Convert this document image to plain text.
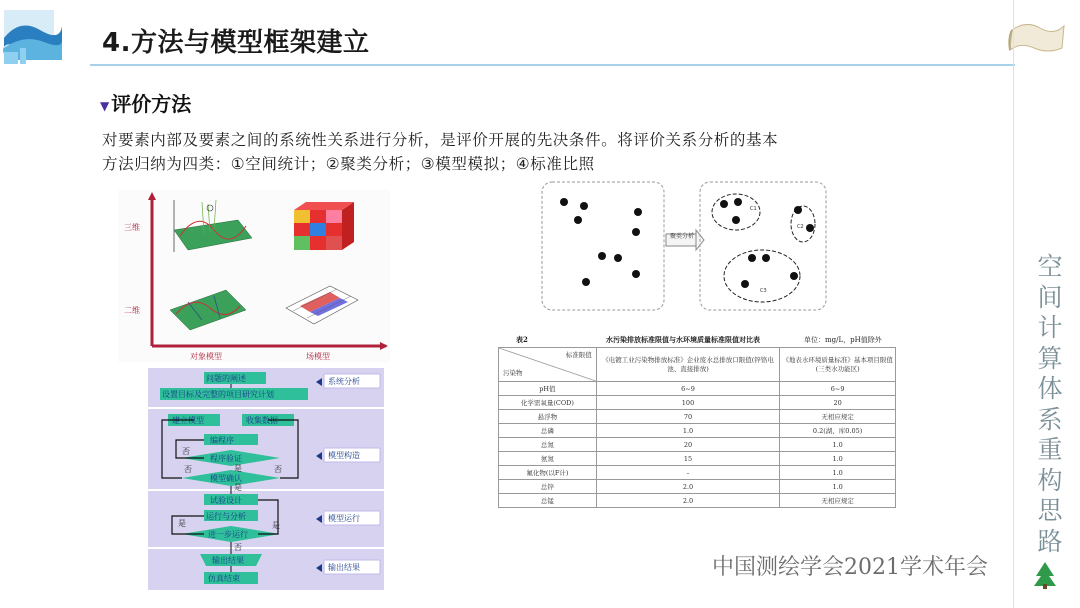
4.方法与模型框架建立
空
间
计
算
体
系
重
构
思
路
▼ 评价方法
对要素内部及要素之间的系统性关系进行分析，是评价开展的先决条件。将评价关系分析的基本
方法归纳为四类：①空间统计；②聚类分析；③模型模拟；④标准比照
三维
二维
对象模型	场模型
问题的阐述
设置目标及完整的项目研究计划
建立模型	收集数据
编程序
程序验证
模型确认
试验设计
运行与分析
进一步运行
输出结果
仿真结束
否
否	否
是
是
是	是
否
系统分析
模型构造
模型运行
输出结果
聚类分析
C1
C2
C3
表2	水污染排放标准限值与水环境质量标准限值对比表	单位：mg/L，pH值除外
标准限值
污染物	《电镀工业污染物排放标准》企业废水总排放口限值(锌铬电池、直接排放)	《地表水环境质量标准》基本项目限值(三类水功能区)
pH值	6~9	6~9
化学需氧量(COD)	100	20
悬浮物	70	无相应规定
总磷	1.0	0.2(湖、库0.05)
总氮	20	1.0
氨氮	15	1.0
氟化物(以F计)	–	1.0
总锌	2.0	1.0
总锰	2.0	无相应规定
中国测绘学会2021学术年会
